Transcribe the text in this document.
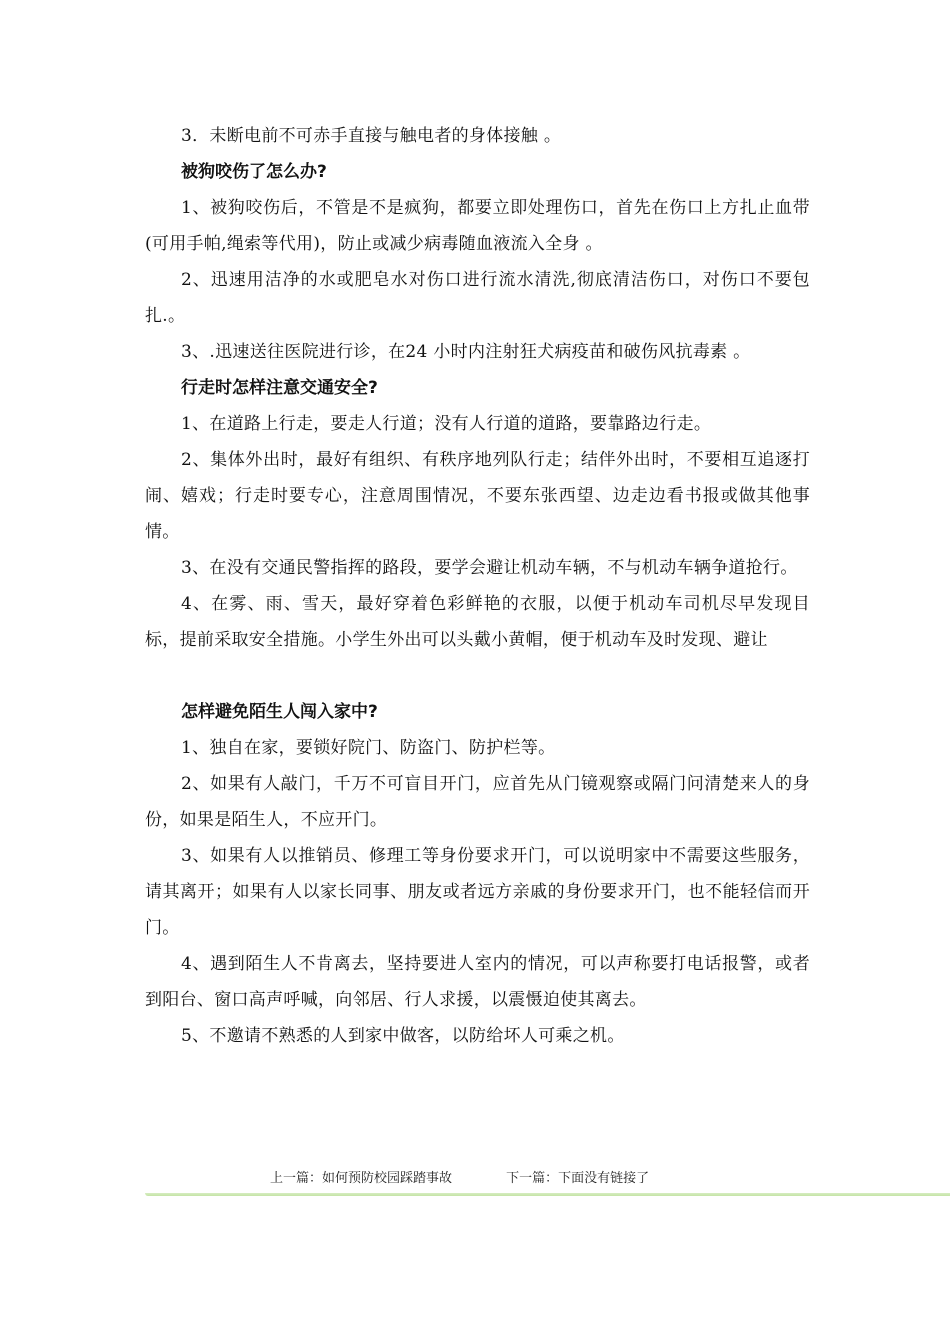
3．未断电前不可赤手直接与触电者的身体接触 。

被狗咬伤了怎么办?

1、被狗咬伤后，不管是不是疯狗，都要立即处理伤口，首先在伤口上方扎止血带(可用手帕,绳索等代用)，防止或减少病毒随血液流入全身 。

2、迅速用洁净的水或肥皂水对伤口进行流水清洗,彻底清洁伤口，对伤口不要包扎.。

3、.迅速送往医院进行诊，在24 小时内注射狂犬病疫苗和破伤风抗毒素 。

行走时怎样注意交通安全?

1、在道路上行走，要走人行道；没有人行道的道路，要靠路边行走。

2、集体外出时，最好有组织、有秩序地列队行走；结伴外出时，不要相互追逐打闹、嬉戏；行走时要专心，注意周围情况，不要东张西望、边走边看书报或做其他事情。

3、在没有交通民警指挥的路段，要学会避让机动车辆，不与机动车辆争道抢行。

4、在雾、雨、雪天，最好穿着色彩鲜艳的衣服，以便于机动车司机尽早发现目标，提前采取安全措施。小学生外出可以头戴小黄帽，便于机动车及时发现、避让

怎样避免陌生人闯入家中?

1、独自在家，要锁好院门、防盗门、防护栏等。

2、如果有人敲门，千万不可盲目开门，应首先从门镜观察或隔门问清楚来人的身份，如果是陌生人，不应开门。

3、如果有人以推销员、修理工等身份要求开门，可以说明家中不需要这些服务，请其离开；如果有人以家长同事、朋友或者远方亲戚的身份要求开门，也不能轻信而开门。

4、遇到陌生人不肯离去，坚持要进人室内的情况，可以声称要打电话报警，或者到阳台、窗口高声呼喊，向邻居、行人求援，以震慑迫使其离去。

5、不邀请不熟悉的人到家中做客，以防给坏人可乘之机。

上一篇：如何预防校园踩踏事故	下一篇：下面没有链接了
